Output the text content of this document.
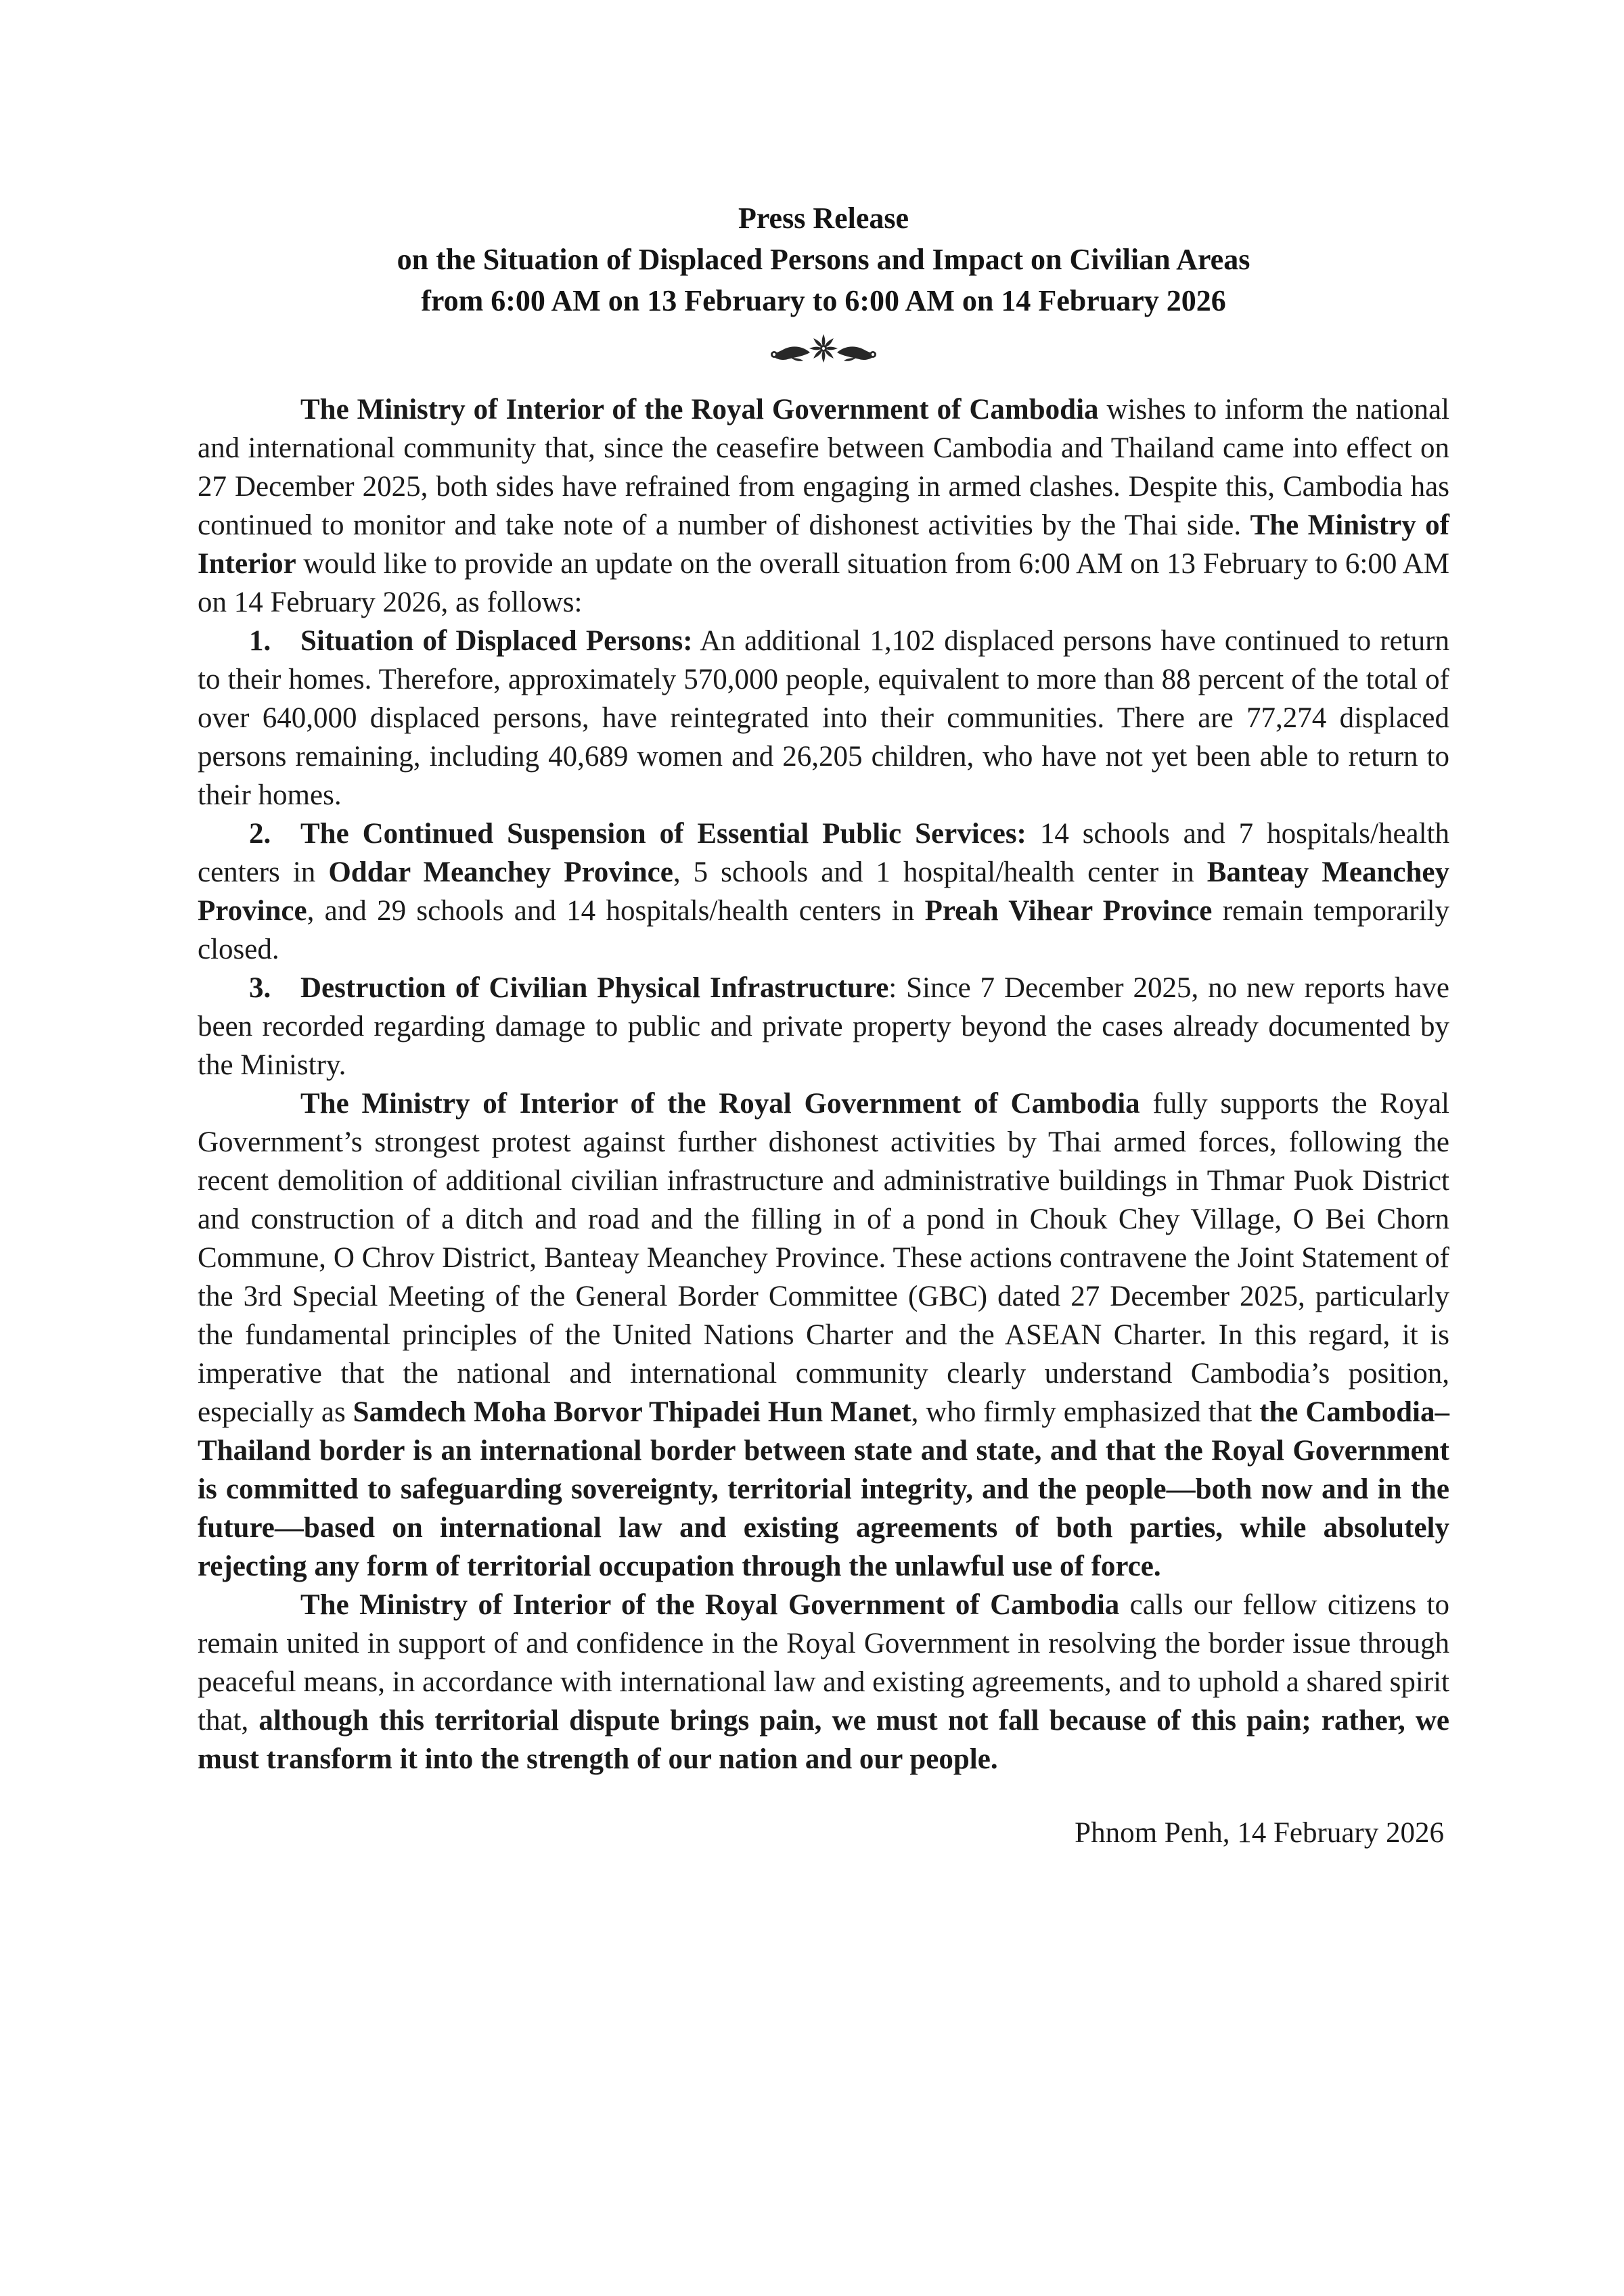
Press Release
on the Situation of Displaced Persons and Impact on Civilian Areas
from 6:00 AM on 13 February to 6:00 AM on 14 February 2026

The Ministry of Interior of the Royal Government of Cambodia wishes to inform the national and international community that, since the ceasefire between Cambodia and Thailand came into effect on 27 December 2025, both sides have refrained from engaging in armed clashes. Despite this, Cambodia has continued to monitor and take note of a number of dishonest activities by the Thai side. The Ministry of Interior would like to provide an update on the overall situation from 6:00 AM on 13 February to 6:00 AM on 14 February 2026, as follows:

1. Situation of Displaced Persons: An additional 1,102 displaced persons have continued to return to their homes. Therefore, approximately 570,000 people, equivalent to more than 88 percent of the total of over 640,000 displaced persons, have reintegrated into their communities. There are 77,274 displaced persons remaining, including 40,689 women and 26,205 children, who have not yet been able to return to their homes.

2. The Continued Suspension of Essential Public Services: 14 schools and 7 hospitals/health centers in Oddar Meanchey Province, 5 schools and 1 hospital/health center in Banteay Meanchey Province, and 29 schools and 14 hospitals/health centers in Preah Vihear Province remain temporarily closed.

3. Destruction of Civilian Physical Infrastructure: Since 7 December 2025, no new reports have been recorded regarding damage to public and private property beyond the cases already documented by the Ministry.

The Ministry of Interior of the Royal Government of Cambodia fully supports the Royal Government’s strongest protest against further dishonest activities by Thai armed forces, following the recent demolition of additional civilian infrastructure and administrative buildings in Thmar Puok District and construction of a ditch and road and the filling in of a pond in Chouk Chey Village, O Bei Chorn Commune, O Chrov District, Banteay Meanchey Province. These actions contravene the Joint Statement of the 3rd Special Meeting of the General Border Committee (GBC) dated 27 December 2025, particularly the fundamental principles of the United Nations Charter and the ASEAN Charter. In this regard, it is imperative that the national and international community clearly understand Cambodia’s position, especially as Samdech Moha Borvor Thipadei Hun Manet, who firmly emphasized that the Cambodia–Thailand border is an international border between state and state, and that the Royal Government is committed to safeguarding sovereignty, territorial integrity, and the people—both now and in the future—based on international law and existing agreements of both parties, while absolutely rejecting any form of territorial occupation through the unlawful use of force.

The Ministry of Interior of the Royal Government of Cambodia calls our fellow citizens to remain united in support of and confidence in the Royal Government in resolving the border issue through peaceful means, in accordance with international law and existing agreements, and to uphold a shared spirit that, although this territorial dispute brings pain, we must not fall because of this pain; rather, we must transform it into the strength of our nation and our people.

Phnom Penh, 14 February 2026
